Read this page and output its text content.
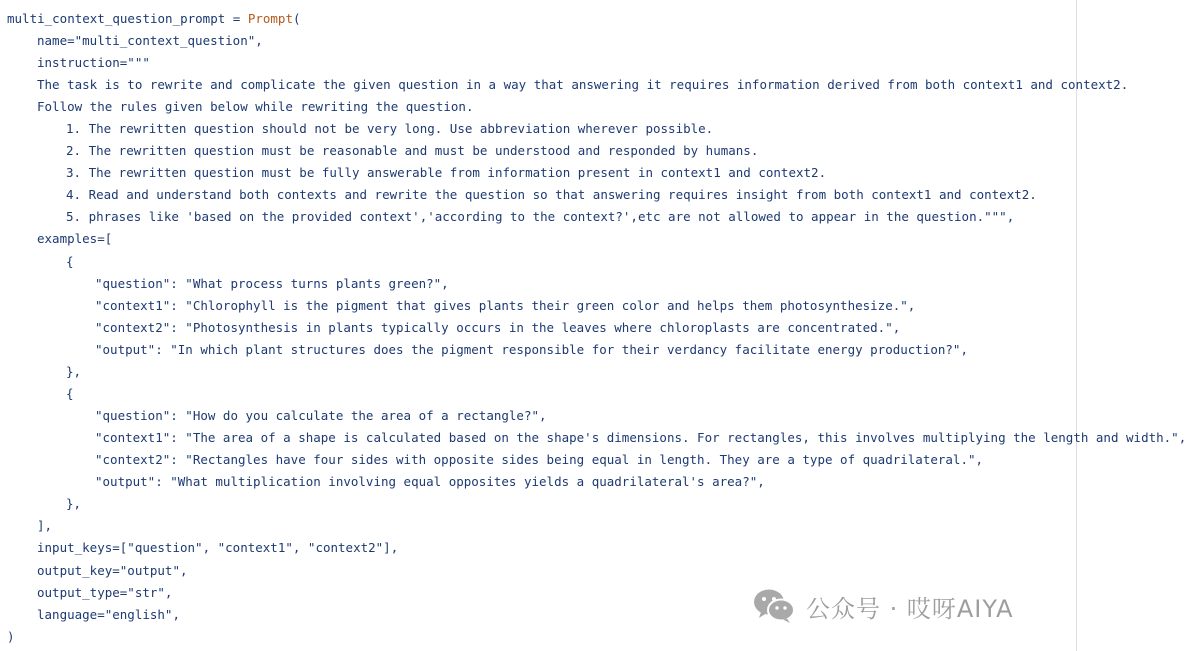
multi_context_question_prompt = Prompt(
name="multi_context_question",
instruction="""
The task is to rewrite and complicate the given question in a way that answering it requires information derived from both context1 and context2.
Follow the rules given below while rewriting the question.
1. The rewritten question should not be very long. Use abbreviation wherever possible.
2. The rewritten question must be reasonable and must be understood and responded by humans.
3. The rewritten question must be fully answerable from information present in context1 and context2.
4. Read and understand both contexts and rewrite the question so that answering requires insight from both context1 and context2.
5. phrases like 'based on the provided context','according to the context?',etc are not allowed to appear in the question.""",
examples=[
{
"question": "What process turns plants green?",
"context1": "Chlorophyll is the pigment that gives plants their green color and helps them photosynthesize.",
"context2": "Photosynthesis in plants typically occurs in the leaves where chloroplasts are concentrated.",
"output": "In which plant structures does the pigment responsible for their verdancy facilitate energy production?",
},
{
"question": "How do you calculate the area of a rectangle?",
"context1": "The area of a shape is calculated based on the shape's dimensions. For rectangles, this involves multiplying the length and width.",
"context2": "Rectangles have four sides with opposite sides being equal in length. They are a type of quadrilateral.",
"output": "What multiplication involving equal opposites yields a quadrilateral's area?",
},
],
input_keys=["question", "context1", "context2"],
output_key="output",
output_type="str",
language="english",
)
公众号 · 哎呀AIYA
